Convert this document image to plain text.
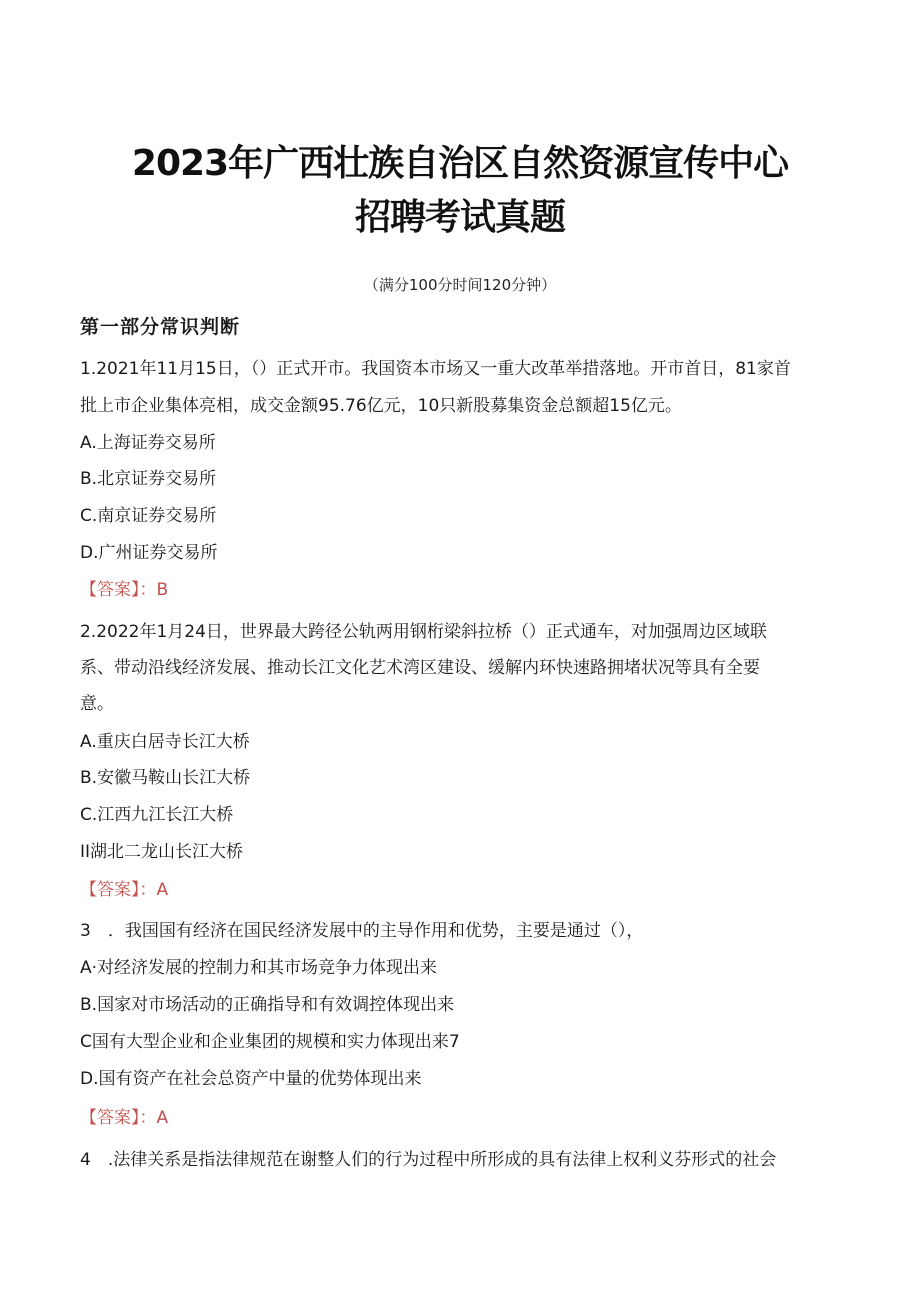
2023年广西壮族自治区自然资源宣传中心
招聘考试真题
（满分100分时间120分钟）
第一部分常识判断
1.2021年11月15日，（）正式开市。我国资本市场又一重大改革举措落地。开市首日，81家首
批上市企业集体亮相，成交金额95.76亿元，10只新股募集资金总额超15亿元。
A.上海证券交易所
B.北京证券交易所
C.南京证券交易所
D.广州证券交易所
【答案】：B
2.2022年1月24日，世界最大跨径公轨两用钢桁梁斜拉桥（）正式通车，对加强周边区域联
系、带动沿线经济发展、推动长江文化艺术湾区建设、缓解内环快速路拥堵状况等具有全要
意。
A.重庆白居寺长江大桥
B.安徽马鞍山长江大桥
C.江西九江长江大桥
II湖北二龙山长江大桥
【答案】：A
3　．我国国有经济在国民经济发展中的主导作用和优势，主要是通过（），
A·对经济发展的控制力和其市场竞争力体现出来
B.国家对市场活动的正确指导和有效调控体现出来
C国有大型企业和企业集团的规模和实力体现出来7
D.国有资产在社会总资产中量的优势体现出来
【答案】：A
4　.法律关系是指法律规范在谢整人们的行为过程中所形成的具有法律上权利义芬形式的社会
